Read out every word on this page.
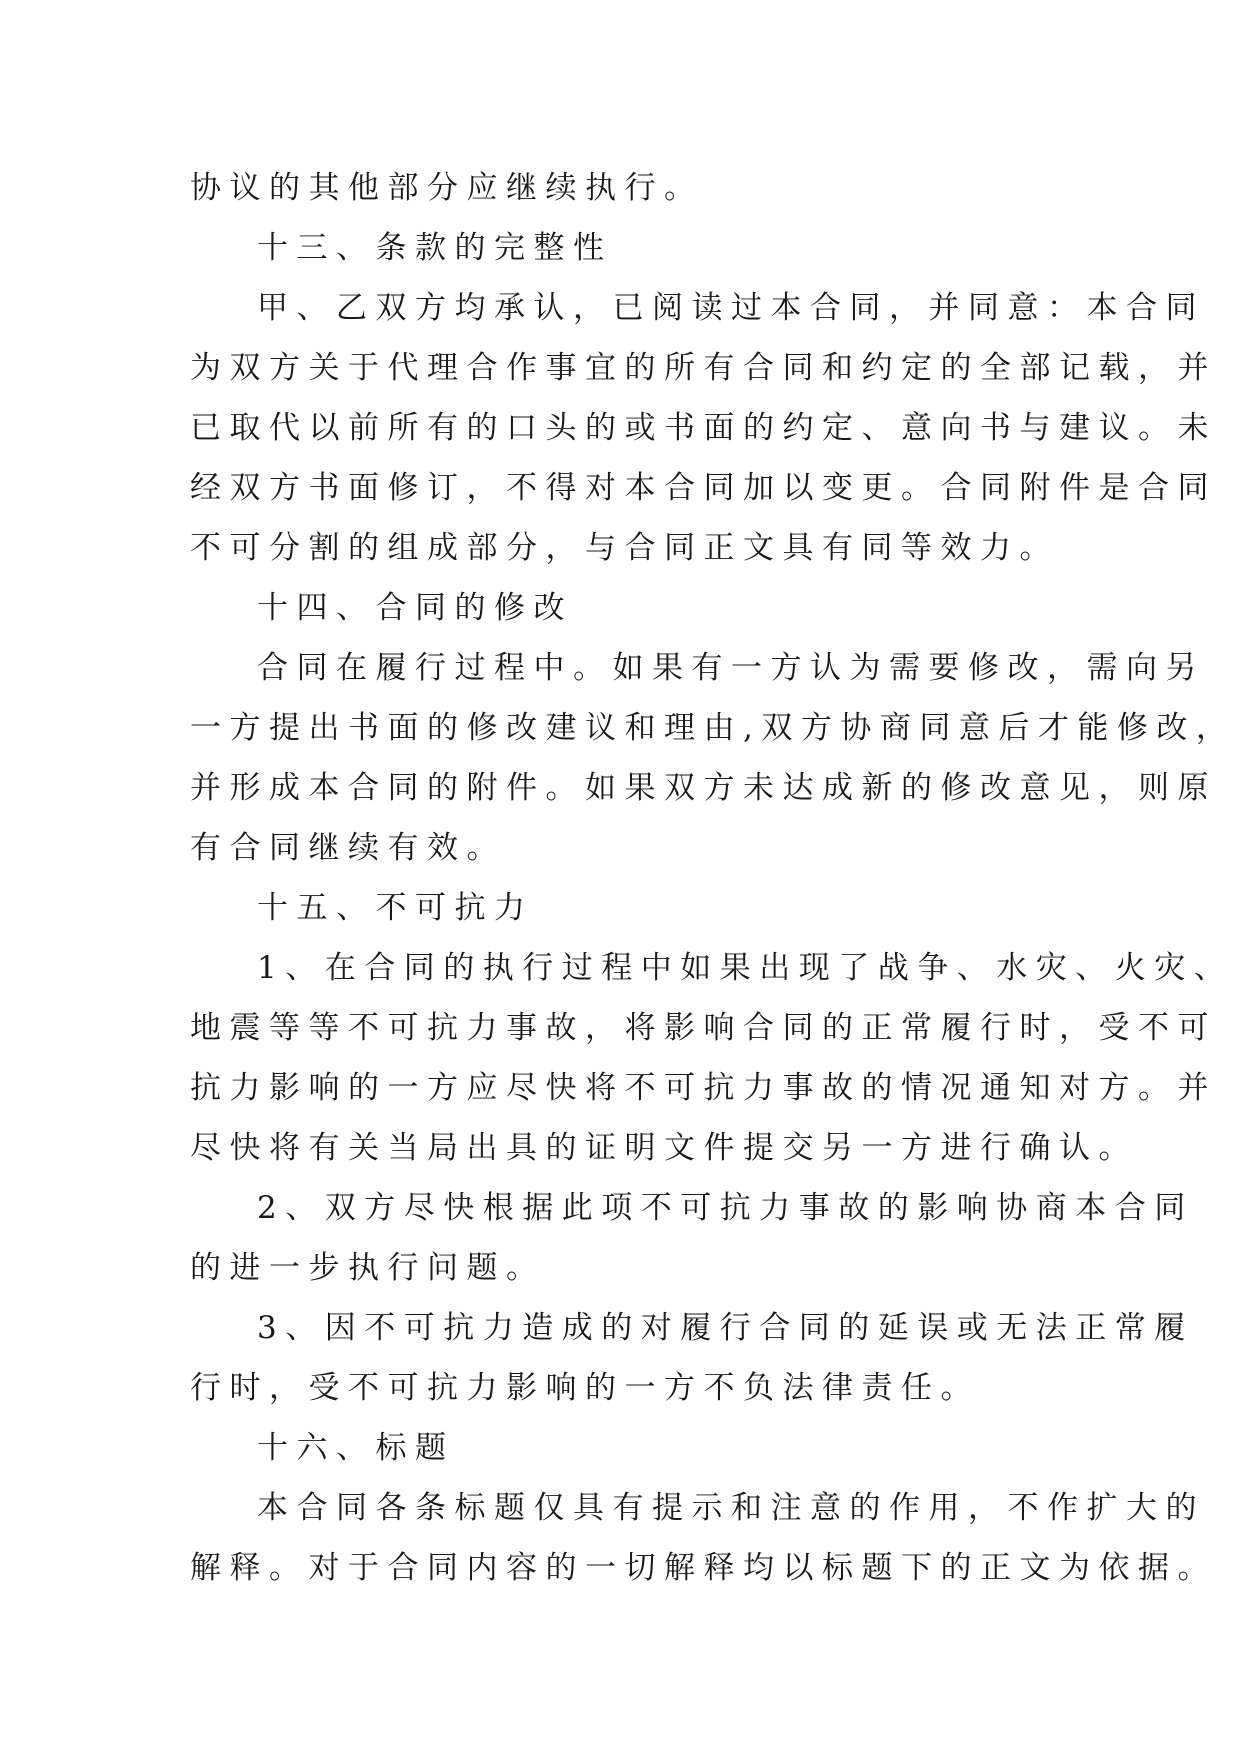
协议的其他部分应继续执行。
十三、条款的完整性
甲、乙双方均承认，已阅读过本合同，并同意：本合同
为双方关于代理合作事宜的所有合同和约定的全部记载，并
已取代以前所有的口头的或书面的约定、意向书与建议。未
经双方书面修订，不得对本合同加以变更。合同附件是合同
不可分割的组成部分，与合同正文具有同等效力。
十四、合同的修改
合同在履行过程中。如果有一方认为需要修改，需向另
一方提出书面的修改建议和理由,双方协商同意后才能修改，
并形成本合同的附件。如果双方未达成新的修改意见，则原
有合同继续有效。
十五、不可抗力
1、在合同的执行过程中如果出现了战争、水灾、火灾、
地震等等不可抗力事故，将影响合同的正常履行时，受不可
抗力影响的一方应尽快将不可抗力事故的情况通知对方。并
尽快将有关当局出具的证明文件提交另一方进行确认。
2、双方尽快根据此项不可抗力事故的影响协商本合同
的进一步执行问题。
3、因不可抗力造成的对履行合同的延误或无法正常履
行时，受不可抗力影响的一方不负法律责任。
十六、标题
本合同各条标题仅具有提示和注意的作用，不作扩大的
解释。对于合同内容的一切解释均以标题下的正文为依据。
